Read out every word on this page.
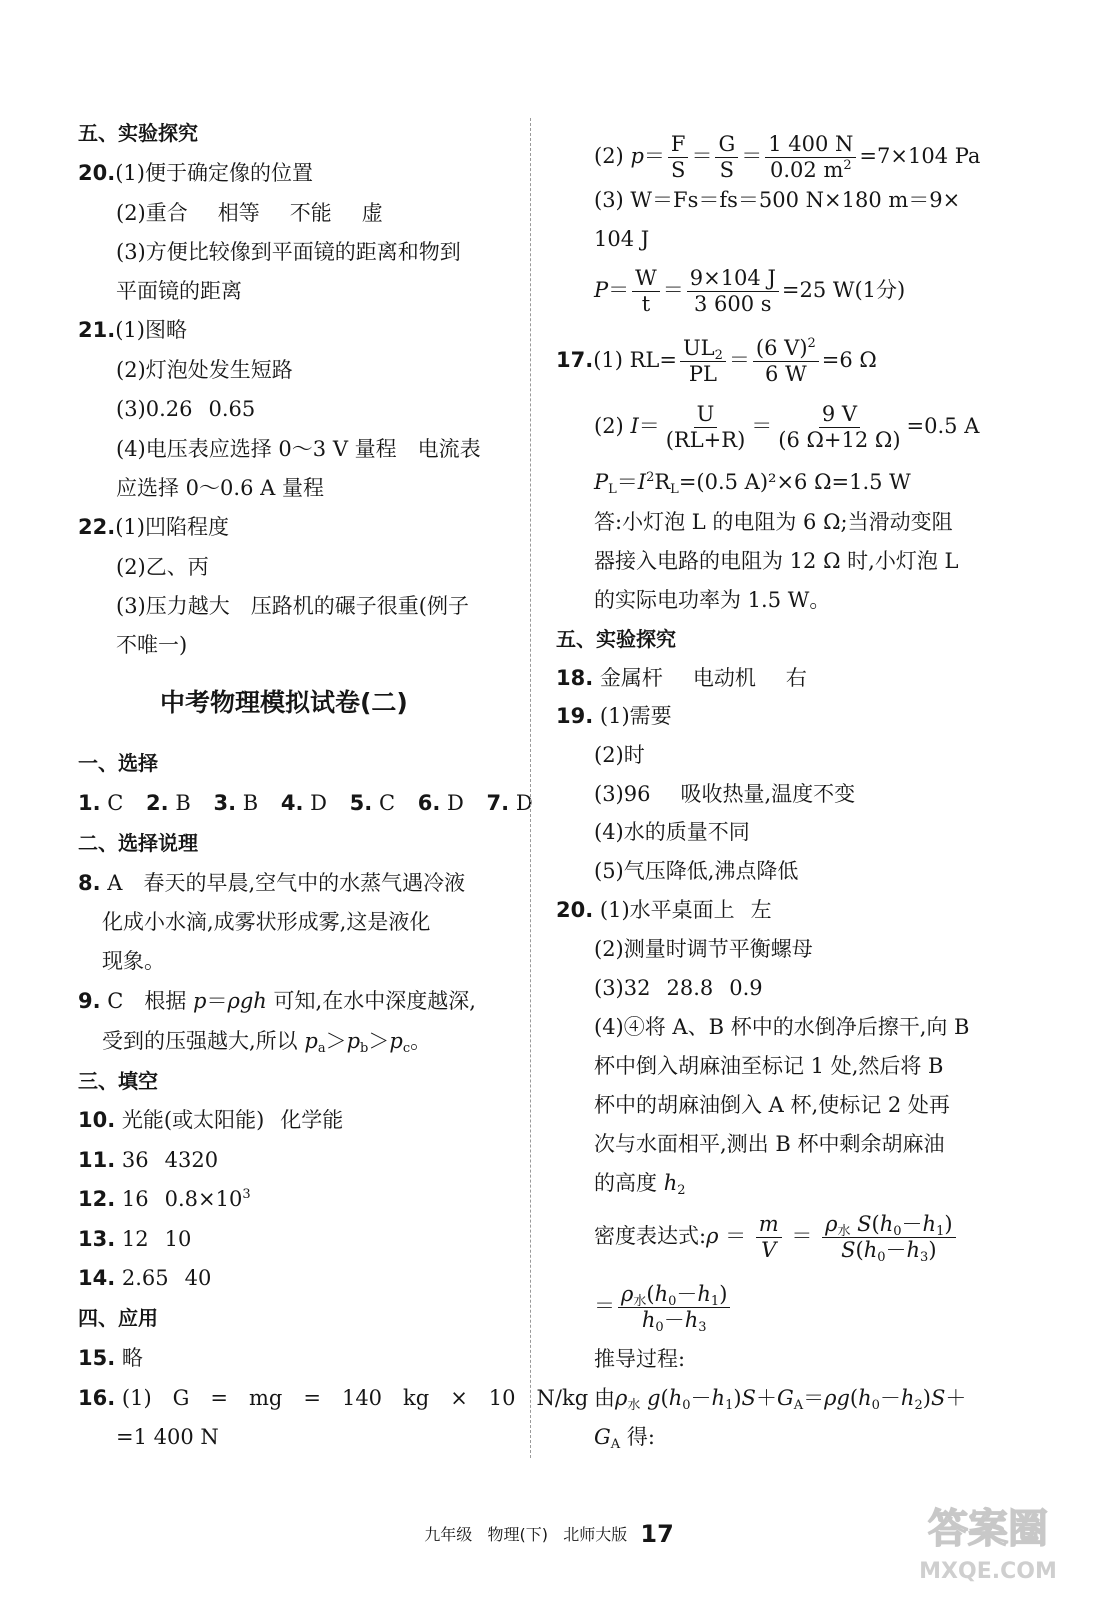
五、实验探究
20.(1)便于确定像的位置
(2)重合 相等 不能 虚
(3)方便比较像到平面镜的距离和物到
平面镜的距离
21.(1)图略
(2)灯泡处发生短路
(3)0.26 0.65
(4)电压表应选择 0～3 V 量程　电流表
应选择 0～0.6 A 量程
22.(1)凹陷程度
(2)乙、丙
(3)压力越大　压路机的碾子很重(例子
不唯一)
中考物理模拟试卷(二)
一、选择
1. C 2. B 3. B 4. D 5. C 6. D 7. D
二、选择说理
8. A　春天的早晨,空气中的水蒸气遇冷液
化成小水滴,成雾状形成雾,这是液化
现象。
9. C　根据 p＝ρgh 可知,在水中深度越深,
受到的压强越大,所以 $p_a>p_b>p_c$。
三、填空
10. 光能(或太阳能) 化学能
11. 36 4320
12. 16 $0.8\times 10^3$
13. 12 10
14. 2.65 40
四、应用
15. 略
16. (1)　G　=　mg　=　140　kg　×　10　N/kg
=1 400 N
(2) $p= \frac{F}{S} = \frac{G}{S} = \frac{1 400 N}{0.02 m^2} =7\times 104$ Pa
(3) W＝Fs＝fs＝500 N×180 m＝9×
104 J
$P= \frac{W}{t} = \frac{9\times 104 J}{3 600 s} =25$ W(1分)
17.(1) $RL= \frac{UL_2}{PL} = \frac{(6 V)^2}{6 W} =6$ Ω
(2) $I= \frac{U}{(RL+R)} = \frac{9 V}{(6 \Omega+12 \Omega)} =0.5$ A
$P_L=I^2R_L=(0.5$ A)²×6 Ω=1.5 W
答:小灯泡 L 的电阻为 6 Ω;当滑动变阻
器接入电路的电阻为 12 Ω 时,小灯泡 L
的实际电功率为 1.5 W。
五、实验探究
18. 金属杆 电动机 右
19. (1)需要
(2)时
(3)96 吸收热量,温度不变
(4)水的质量不同
(5)气压降低,沸点降低
20. (1)水平桌面上 左
(2)测量时调节平衡螺母
(3)32 28.8 0.9
(4)④将 A、B 杯中的水倒净后擦干,向 B
杯中倒入胡麻油至标记 1 处,然后将 B
杯中的胡麻油倒入 A 杯,使标记 2 处再
次与水面相平,测出 B 杯中剩余胡麻油
的高度 $h_2$
密度表达式:ρ ＝ $\frac{m}{V} = \frac{\rho_水 S(h_0-h_1)}{S(h_0-h_3)}$
＝ $\frac{\rho_水(h_0-h_1)}{h_0-h_3}$
推导过程:
由$\rho_水$ $g(h_0-h_1)S+G_A=\rho g(h_0-h_2)S+$
$G_A$ 得:
九年级 物理(下) 北师大版 17	答案圈
MXQE.COM
